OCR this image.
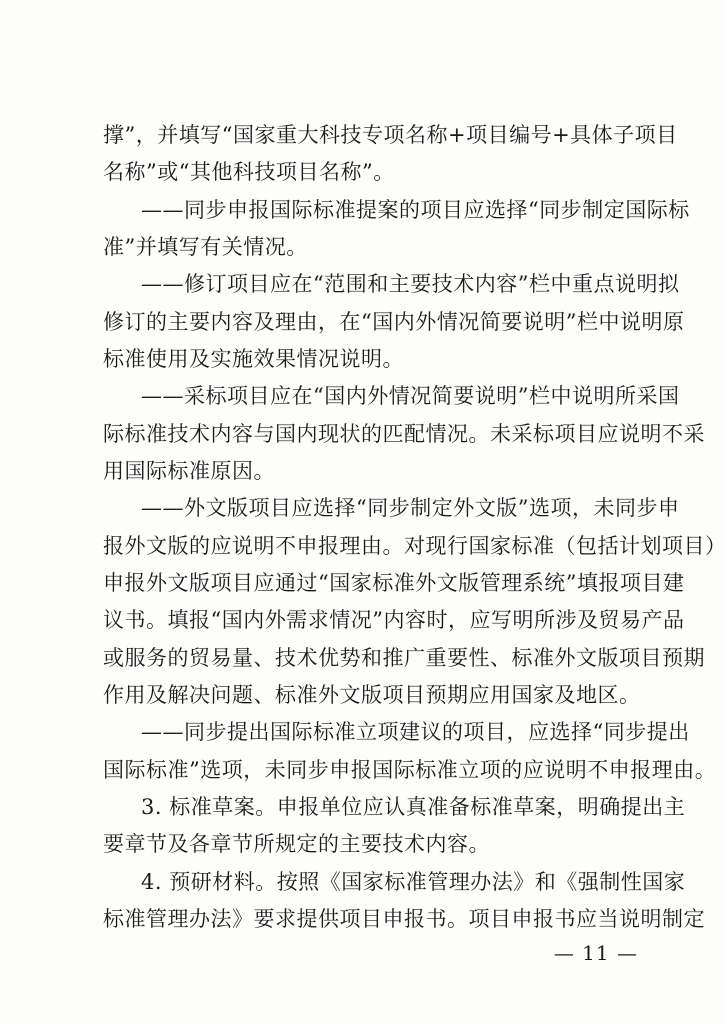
撑”，并填写“国家重大科技专项名称+项目编号+具体子项目
名称”或“其他科技项目名称”。
——同步申报国际标准提案的项目应选择“同步制定国际标
准”并填写有关情况。
——修订项目应在“范围和主要技术内容”栏中重点说明拟
修订的主要内容及理由，在“国内外情况简要说明”栏中说明原
标准使用及实施效果情况说明。
——采标项目应在“国内外情况简要说明”栏中说明所采国
际标准技术内容与国内现状的匹配情况。未采标项目应说明不采
用国际标准原因。
——外文版项目应选择“同步制定外文版”选项，未同步申
报外文版的应说明不申报理由。对现行国家标准（包括计划项目）
申报外文版项目应通过“国家标准外文版管理系统”填报项目建
议书。填报“国内外需求情况”内容时，应写明所涉及贸易产品
或服务的贸易量、技术优势和推广重要性、标准外文版项目预期
作用及解决问题、标准外文版项目预期应用国家及地区。
——同步提出国际标准立项建议的项目，应选择“同步提出
国际标准”选项，未同步申报国际标准立项的应说明不申报理由。
3. 标准草案。申报单位应认真准备标准草案，明确提出主
要章节及各章节所规定的主要技术内容。
4. 预研材料。按照《国家标准管理办法》和《强制性国家
标准管理办法》要求提供项目申报书。项目申报书应当说明制定
— 11 —
